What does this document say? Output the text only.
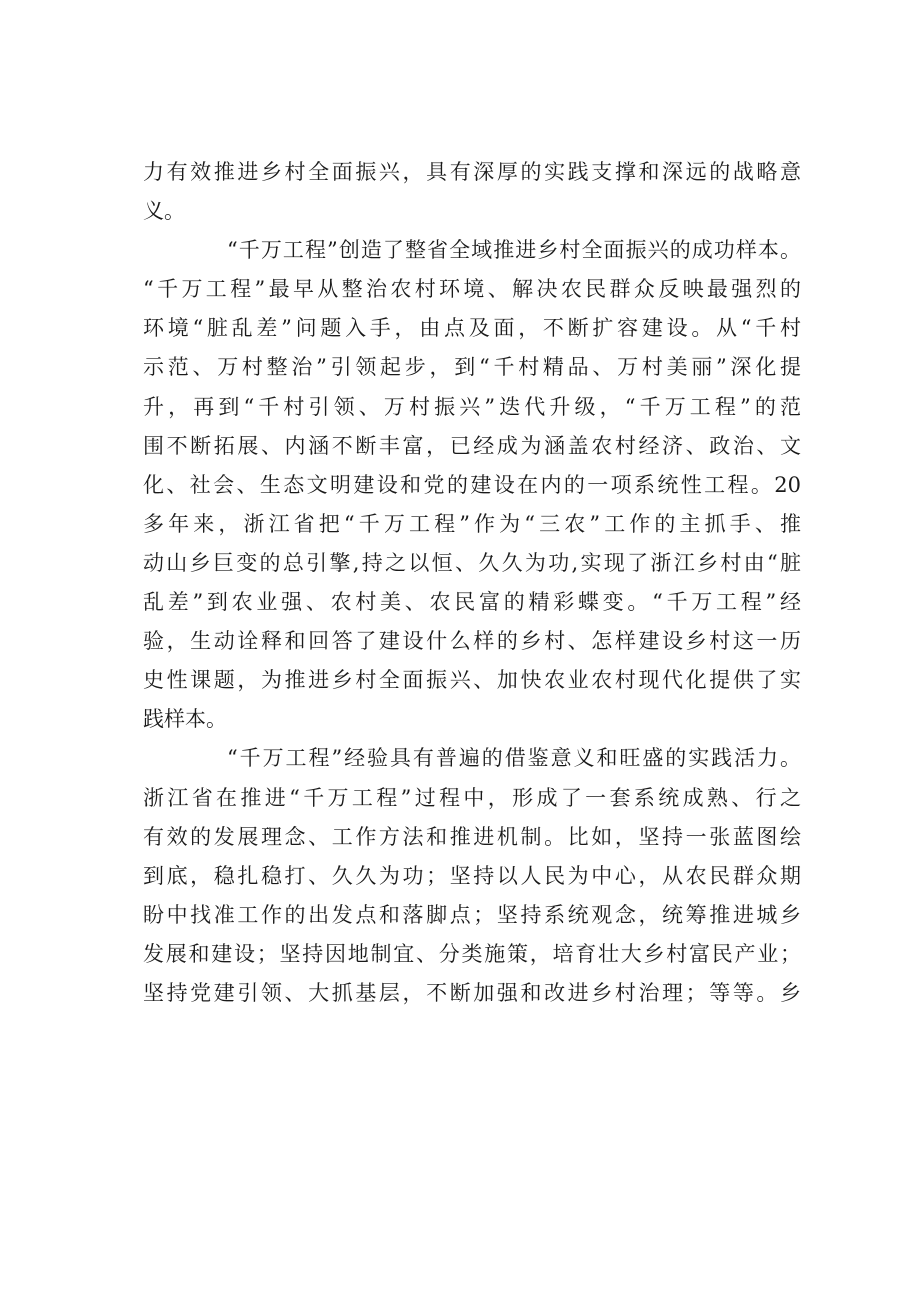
力有效推进乡村全面振兴，具有深厚的实践支撑和深远的战略意
义。
“千万工程”创造了整省全域推进乡村全面振兴的成功样本。
“千万工程”最早从整治农村环境、解决农民群众反映最强烈的
环境“脏乱差”问题入手，由点及面，不断扩容建设。从“千村
示范、万村整治”引领起步，到“千村精品、万村美丽”深化提
升，再到“千村引领、万村振兴”迭代升级，“千万工程”的范
围不断拓展、内涵不断丰富，已经成为涵盖农村经济、政治、文
化、社会、生态文明建设和党的建设在内的一项系统性工程。20
多年来，浙江省把“千万工程”作为“三农”工作的主抓手、推
动山乡巨变的总引擎,持之以恒、久久为功,实现了浙江乡村由“脏
乱差”到农业强、农村美、农民富的精彩蝶变。“千万工程”经
验，生动诠释和回答了建设什么样的乡村、怎样建设乡村这一历
史性课题，为推进乡村全面振兴、加快农业农村现代化提供了实
践样本。
“千万工程”经验具有普遍的借鉴意义和旺盛的实践活力。
浙江省在推进“千万工程”过程中，形成了一套系统成熟、行之
有效的发展理念、工作方法和推进机制。比如，坚持一张蓝图绘
到底，稳扎稳打、久久为功；坚持以人民为中心，从农民群众期
盼中找准工作的出发点和落脚点；坚持系统观念，统筹推进城乡
发展和建设；坚持因地制宜、分类施策，培育壮大乡村富民产业；
坚持党建引领、大抓基层，不断加强和改进乡村治理；等等。乡
